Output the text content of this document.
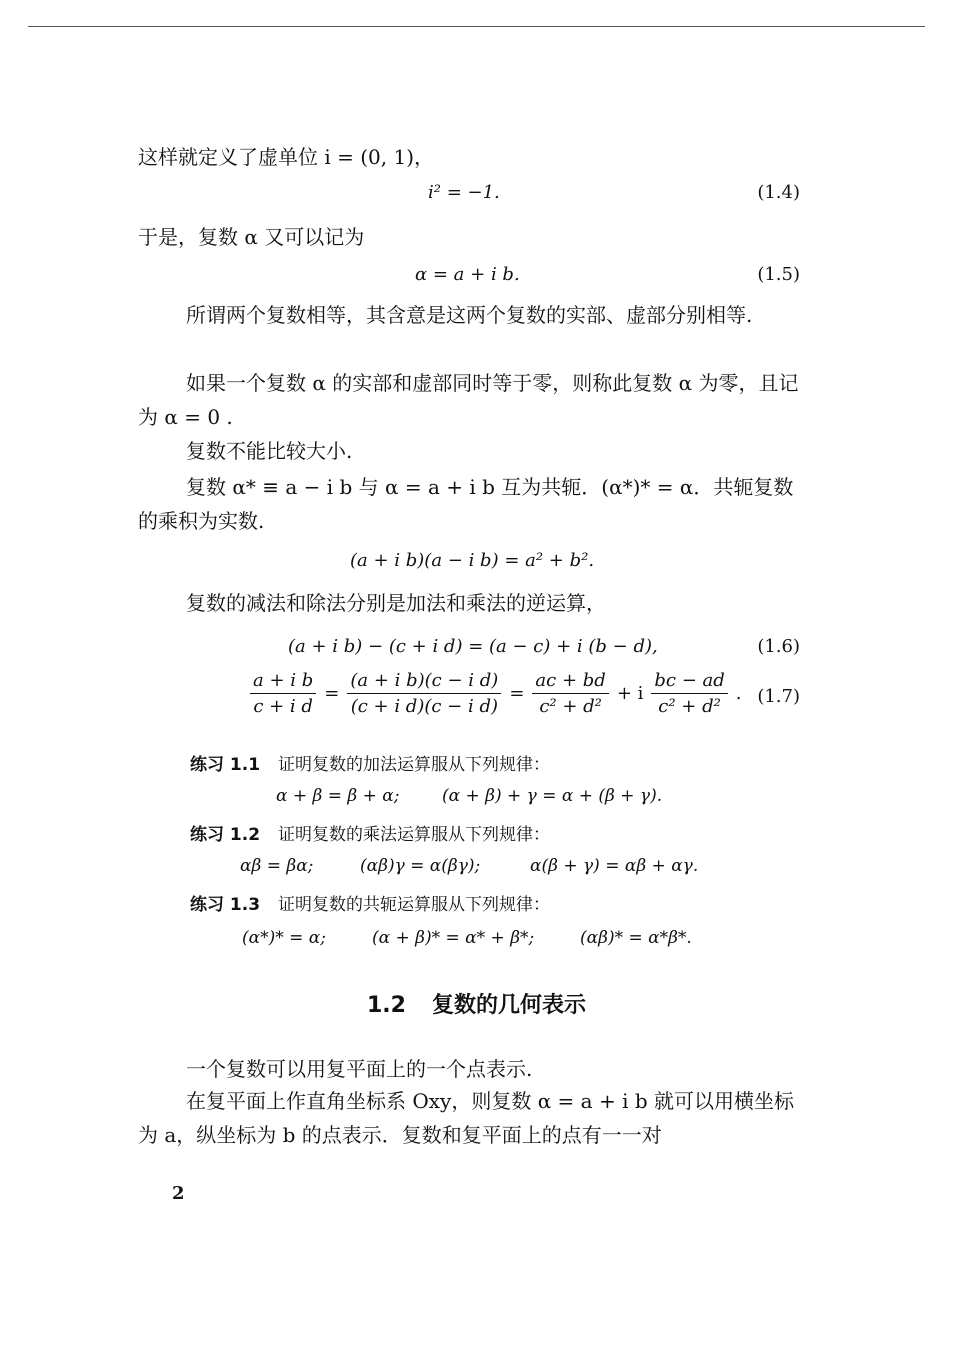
这样就定义了虚单位 i = (0, 1)，
i² = −1.	(1.4)
于是，复数 α 又可以记为
α = a + i b.	(1.5)
所谓两个复数相等，其含意是这两个复数的实部、虚部分别相等.
如果一个复数 α 的实部和虚部同时等于零，则称此复数 α 为零，且记为 α = 0 .
复数不能比较大小.
复数 α* ≡ a − i b 与 α = a + i b 互为共轭．(α*)* = α．共轭复数的乘积为实数.
(a + i b)(a − i b) = a² + b².
复数的减法和除法分别是加法和乘法的逆运算，
(a + i b) − (c + i d) = (a − c) + i (b − d),	(1.6)
$\frac{\text{a + i b}}{\text{c + i d}} = \frac{\text{(a + i b)(c − i d)}}{\text{(c + i d)(c − i d)}} = \frac{ac + bd}{\text{c² + d²}} + i \frac{bc - ad}{\text{c² + d²}}$ . (1.7)
练习 1.1 证明复数的加法运算服从下列规律：
α + β = β + α;	(α + β) + γ = α + (β + γ).
练习 1.2 证明复数的乘法运算服从下列规律：
αβ = βα;	(αβ)γ = α(βγ);	α(β + γ) = αβ + αγ.
练习 1.3 证明复数的共轭运算服从下列规律：
(α*)* = α;	(α + β)* = α* + β*;	(αβ)* = α*β*.
1.2 复数的几何表示
一个复数可以用复平面上的一个点表示.
在复平面上作直角坐标系 Oxy，则复数 α = a + i b 就可以用横坐标为 a，纵坐标为 b 的点表示．复数和复平面上的点有一一对
2
